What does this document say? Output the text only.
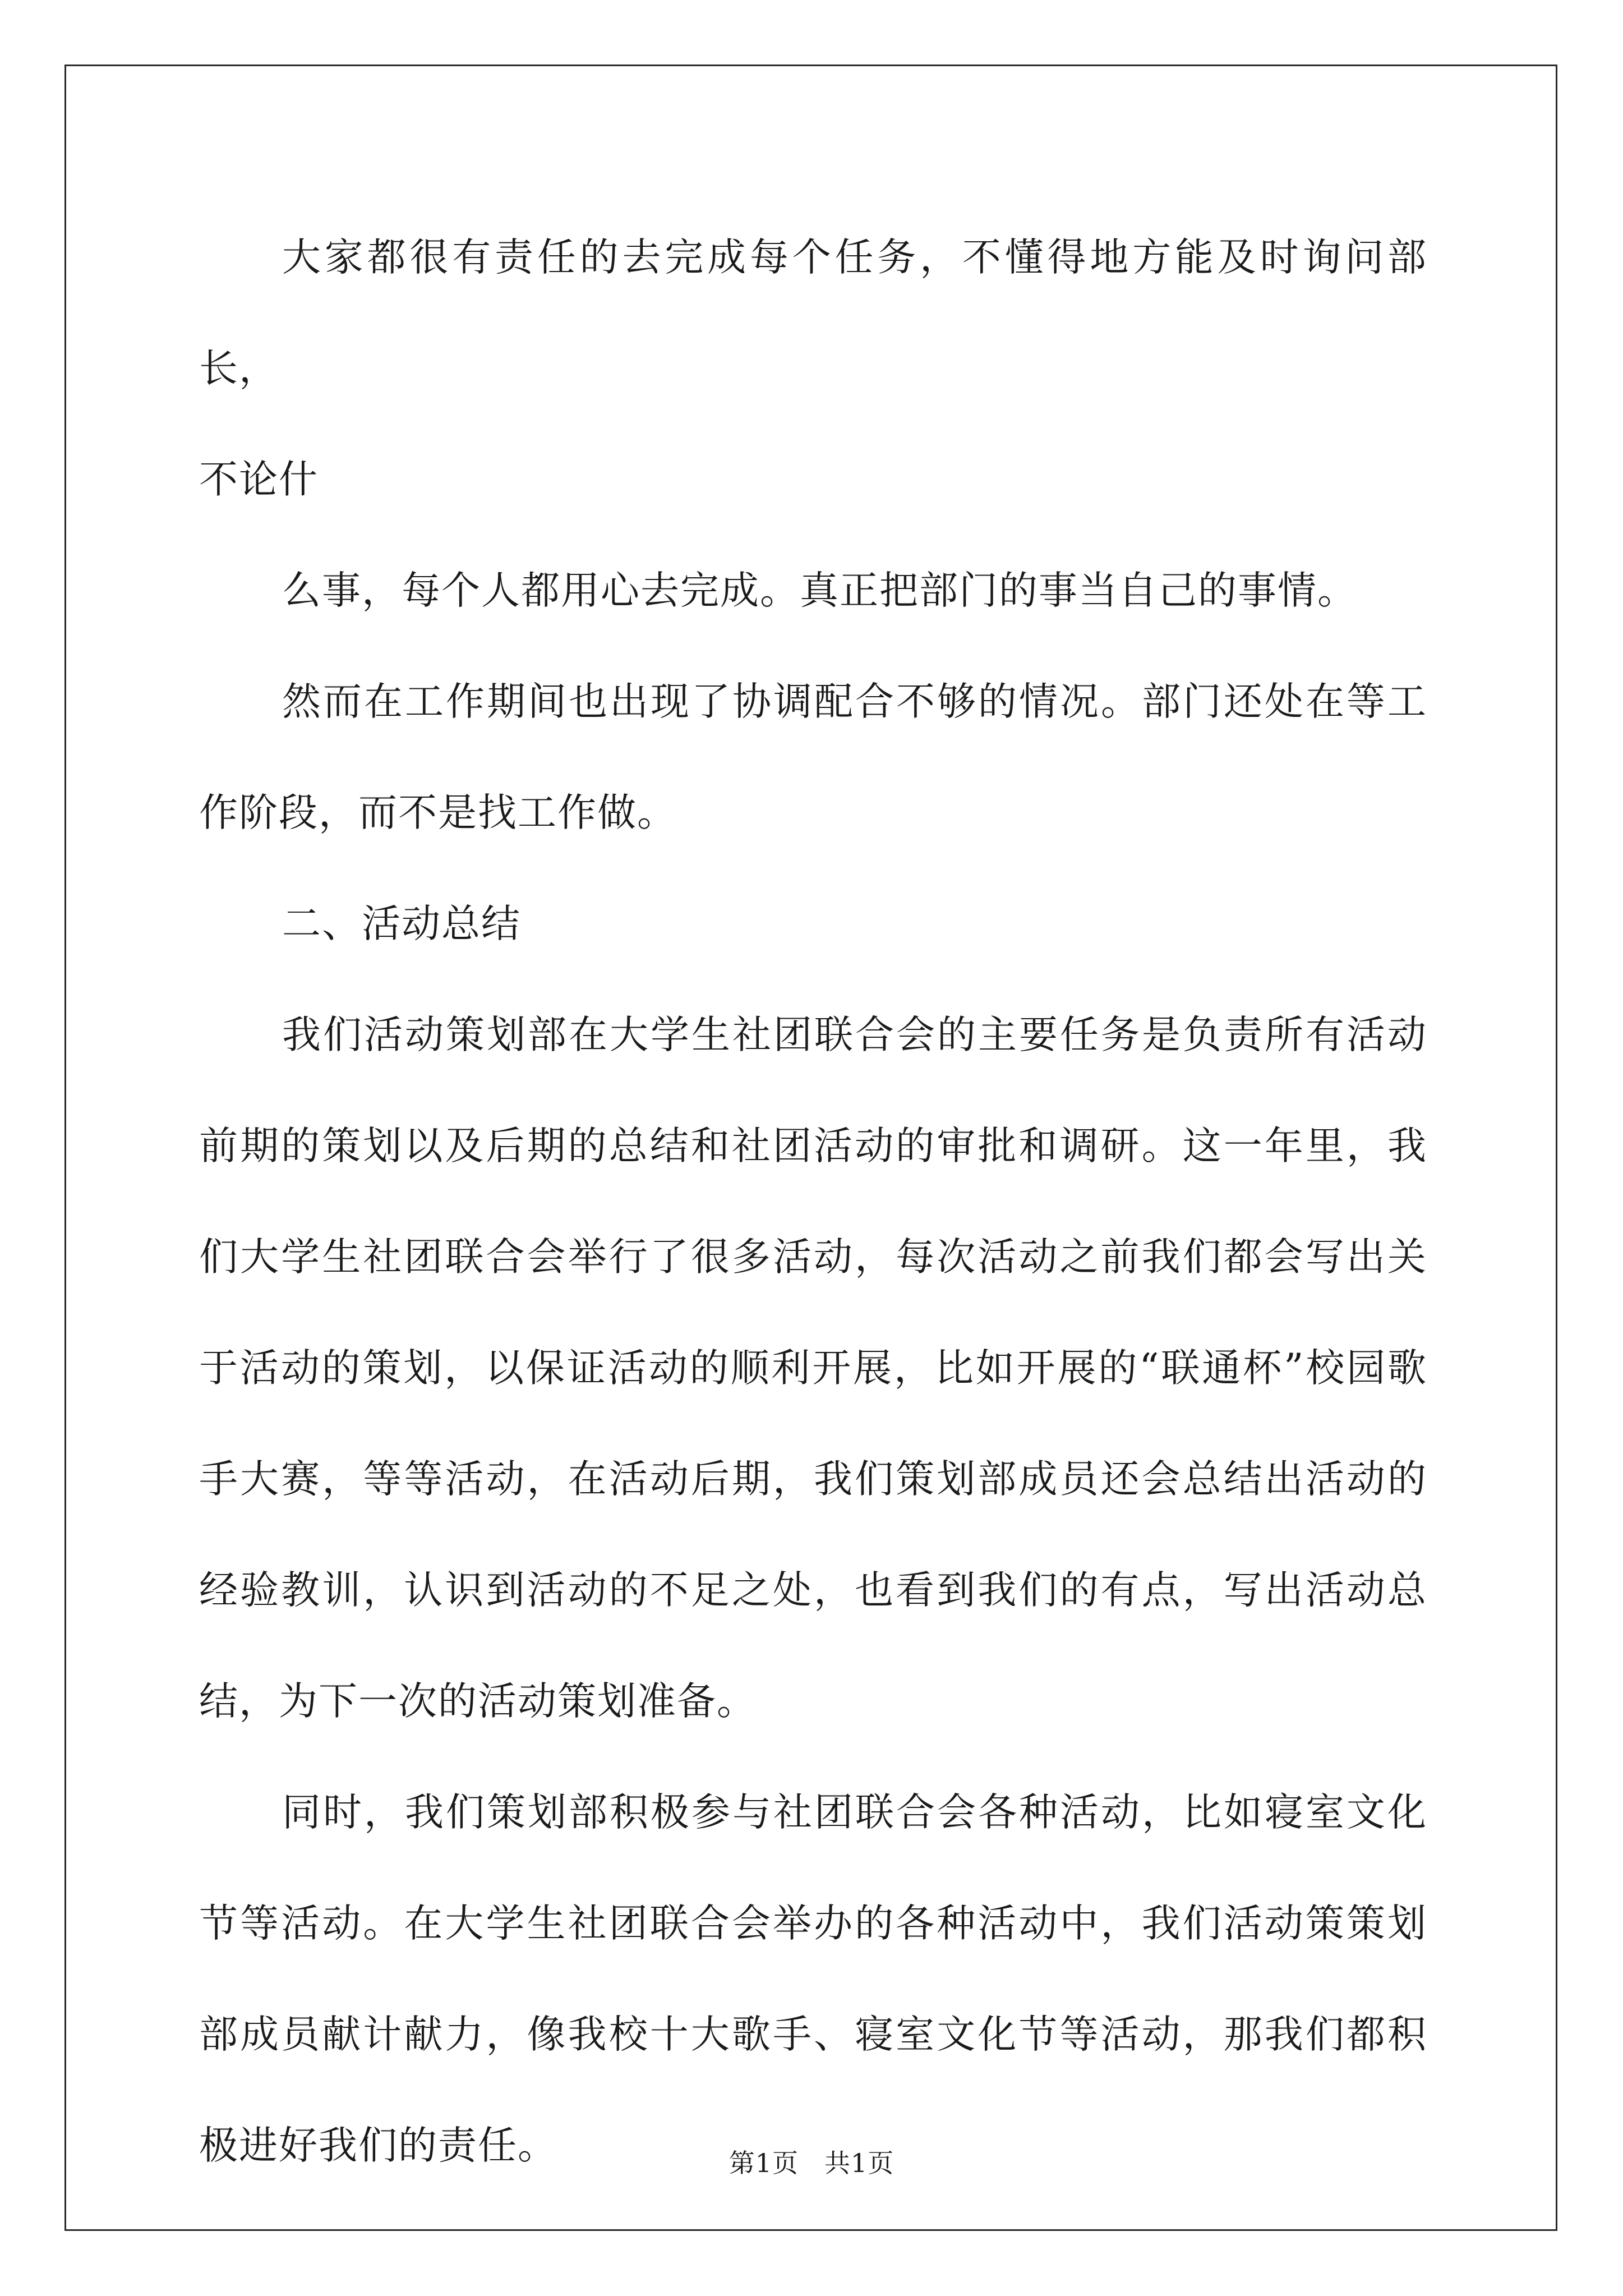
大家都很有责任的去完成每个任务，不懂得地方能及时询问部长，

不论什

么事，每个人都用心去完成。真正把部门的事当自己的事情。

然而在工作期间也出现了协调配合不够的情况。部门还处在等工作阶段，而不是找工作做。

二、活动总结

我们活动策划部在大学生社团联合会的主要任务是负责所有活动前期的策划以及后期的总结和社团活动的审批和调研。这一年里，我们大学生社团联合会举行了很多活动，每次活动之前我们都会写出关于活动的策划，以保证活动的顺利开展，比如开展的“联通杯”校园歌手大赛，等等活动，在活动后期，我们策划部成员还会总结出活动的经验教训，认识到活动的不足之处，也看到我们的有点，写出活动总结，为下一次的活动策划准备。

同时，我们策划部积极参与社团联合会各种活动，比如寝室文化节等活动。在大学生社团联合会举办的各种活动中，我们活动策策划部成员献计献力，像我校十大歌手、寝室文化节等活动，那我们都积极进好我们的责任。	第1页 共1页
